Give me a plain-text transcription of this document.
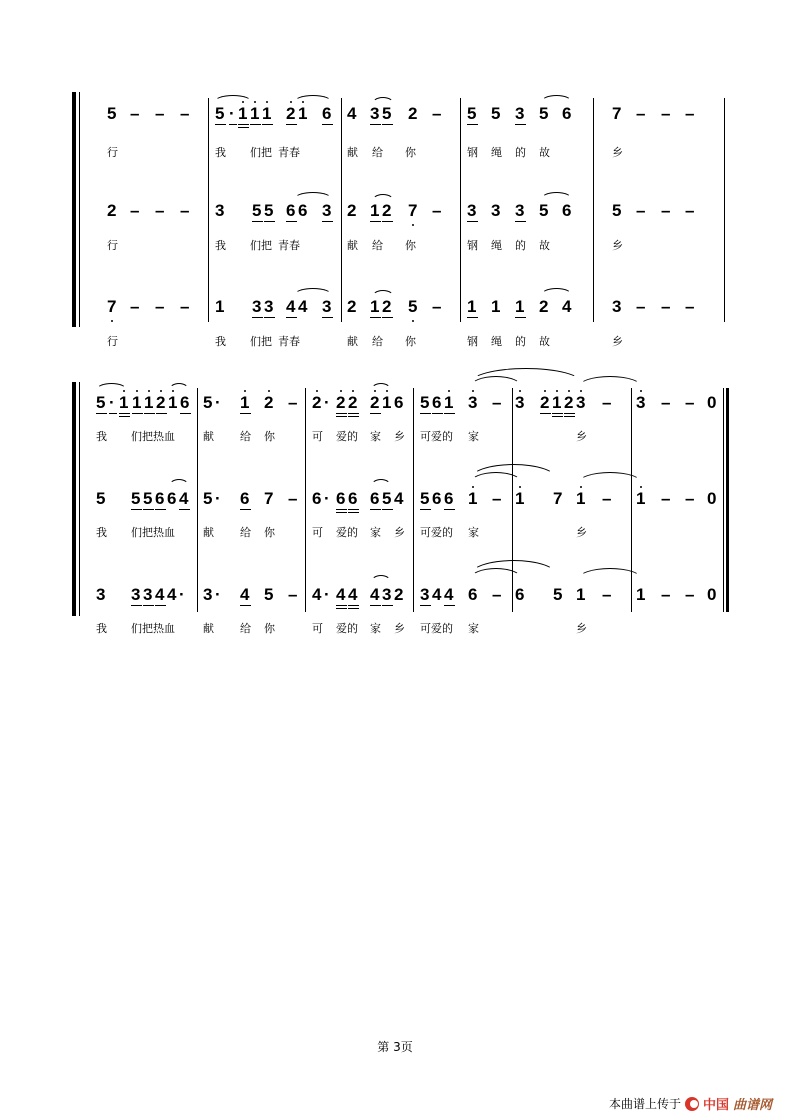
5 – – – 5 · 1 1 1 2 1 6 4 3 5 2 – 5 5 3 5 6 7 – – –
行	我 们把 青春	献 给 你	钢 绳 的 故	乡
2 – – – 3 5 5 6 6 3 2 1 2 7 – 3 3 3 5 6 5 – – –
行	我 们把 青春	献 给 你	钢 绳 的 故	乡
7 – – – 1 3 3 4 4 3 2 1 2 5 – 1 1 1 2 4 3 – – –
行	我 们把 青春	献 给 你	钢 绳 的 故	乡
5 · 1 1 1 2 1 6 5 · 1 2 – 2 · 2 2 2 1 6 5 6 1 3 – 3 2 1 2 3 – 3 – – 0
我 们把热血	献 给 你	可 爱的 家 乡 可爱的 家	乡
5 5 5 6 6 4 5 · 6 7 – 6 · 6 6 6 5 4 5 6 6 1 – 1 7 1 – 1 – – 0
我 们把热血	献 给 你	可 爱的 家 乡 可爱的 家	乡
3 3 3 4 4 · 3 · 4 5 – 4 · 4 4 4 3 2 3 4 4 6 – 6 5 1 – 1 – – 0
我 们把热血	献 给 你	可 爱的 家 乡 可爱的 家	乡
第 3页
本曲谱上传于 中国 曲谱网
